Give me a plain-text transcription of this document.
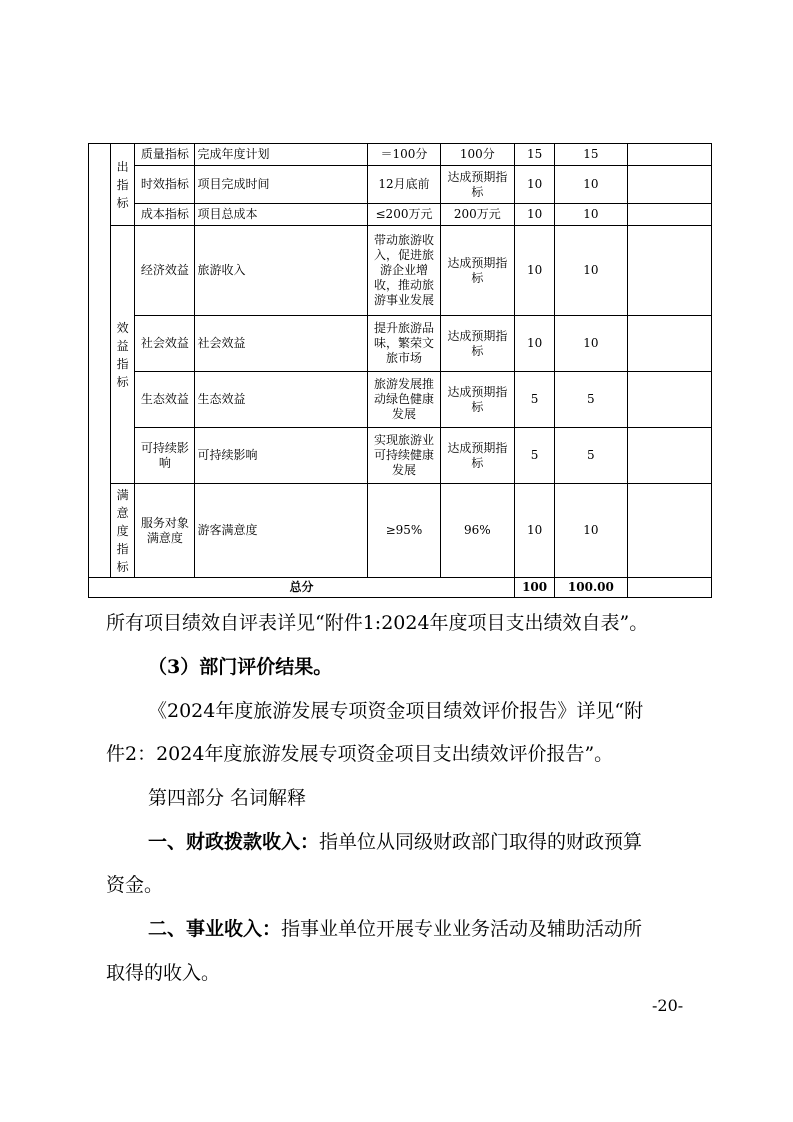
	出指标	质量指标	完成年度计划	＝100分	100分	15	15	
		时效指标	项目完成时间	12月底前	达成预期指标	10	10	
		成本指标	项目总成本	≤200万元	200万元	10	10	
	效益指标	经济效益	旅游收入	带动旅游收入，促进旅游企业增收，推动旅游事业发展	达成预期指标	10	10	
		社会效益	社会效益	提升旅游品味，繁荣文旅市场	达成预期指标	10	10	
		生态效益	生态效益	旅游发展推动绿色健康发展	达成预期指标	5	5	
		可持续影响	可持续影响	实现旅游业可持续健康发展	达成预期指标	5	5	
	满意度指标	服务对象满意度	游客满意度	≥95%	96%	10	10	
总分						100	100.00	
所有项目绩效自评表详见“附件1:2024年度项目支出绩效自表”。
（3）部门评价结果。
《2024年度旅游发展专项资金项目绩效评价报告》详见“附
件2：2024年度旅游发展专项资金项目支出绩效评价报告”。
第四部分 名词解释
一、财政拨款收入：指单位从同级财政部门取得的财政预算
资金。
二、事业收入：指事业单位开展专业业务活动及辅助活动所
取得的收入。
-20-
